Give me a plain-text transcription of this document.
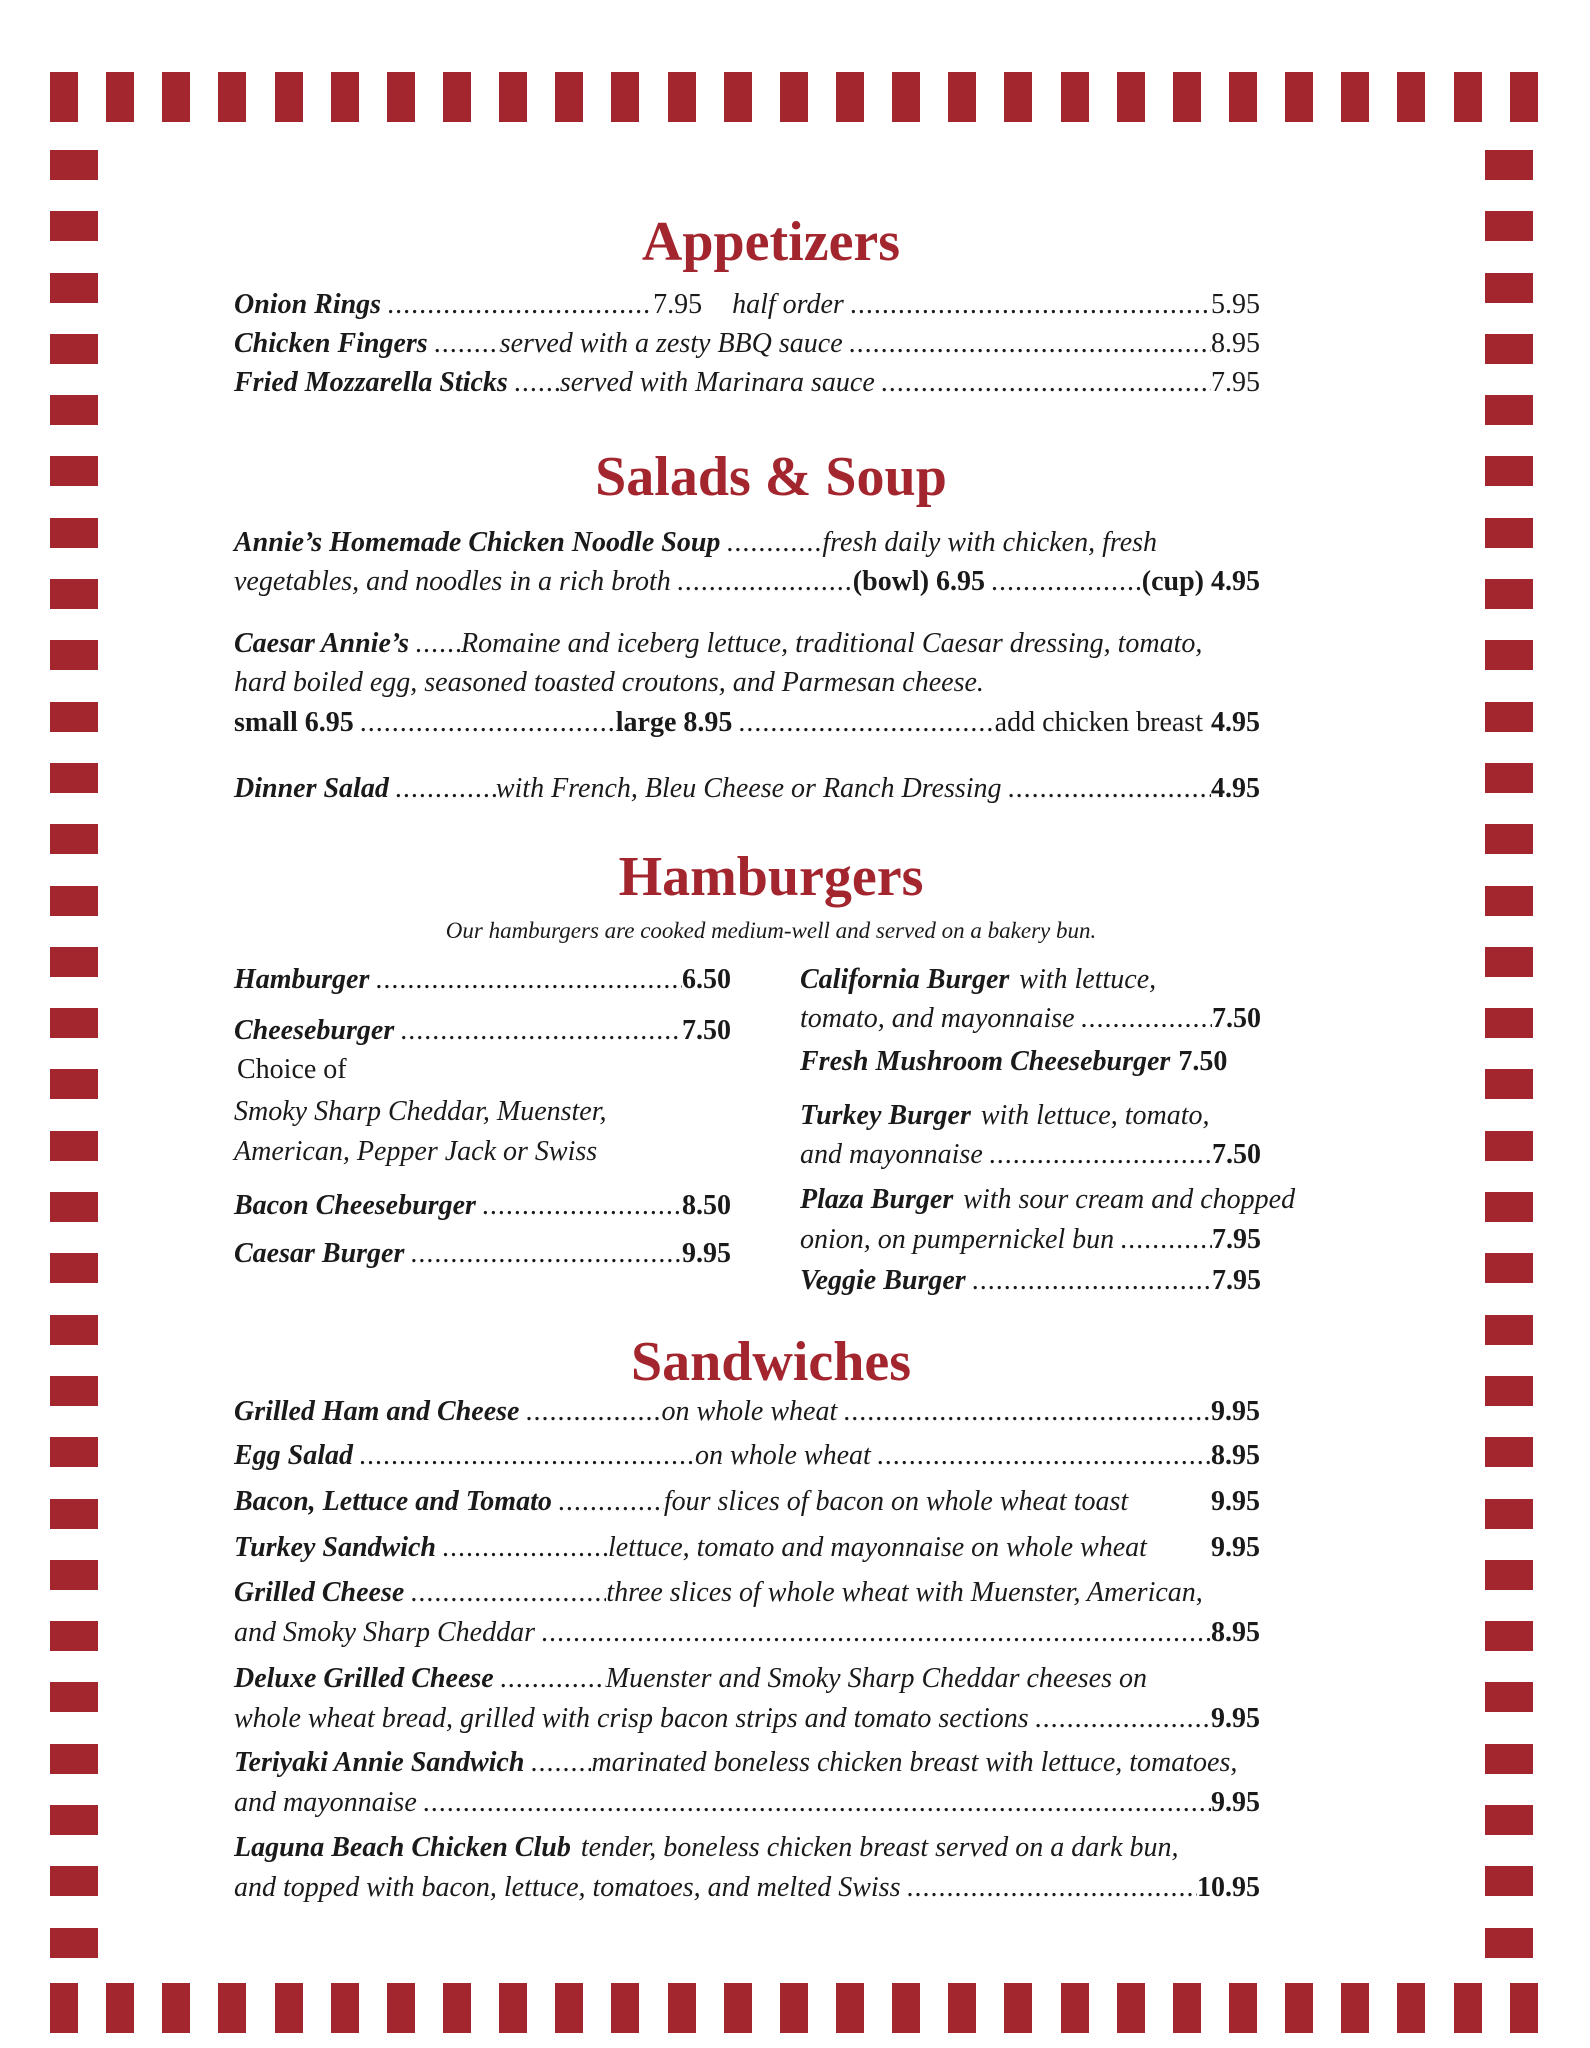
Appetizers
Onion Rings .....	7.95 half order .....	5.95
Chicken Fingers .....	served with a zesty BBQ sauce .....	8.95
Fried Mozzarella Sticks ..... served with Marinara sauce .....	7.95
Salads & Soup
Annie’s Homemade Chicken Noodle Soup .....	fresh daily with chicken, fresh
vegetables, and noodles in a rich broth .....	(bowl) 6.95 .....	(cup) 4.95
Caesar Annie’s ..... Romaine and iceberg lettuce, traditional Caesar dressing, tomato,
hard boiled egg, seasoned toasted croutons, and Parmesan cheese.
small 6.95 .....	large 8.95 .....	add chicken breast 4.95
Dinner Salad .....	with French, Bleu Cheese or Ranch Dressing .....	4.95
Hamburgers
Our hamburgers are cooked medium-well and served on a bakery bun.
Hamburger .....	6.50
Cheeseburger .....	7.50
Choice of
Smoky Sharp Cheddar, Muenster,
American, Pepper Jack or Swiss
Bacon Cheeseburger .....	8.50
Caesar Burger .....	9.95
California Burger with lettuce,
tomato, and mayonnaise .....	7.50
Fresh Mushroom Cheeseburger 7.50
Turkey Burger with lettuce, tomato,
and mayonnaise .....	7.50
Plaza Burger with sour cream and chopped
onion, on pumpernickel bun .....	7.95
Veggie Burger .....	7.95
Sandwiches
Grilled Ham and Cheese .....	on whole wheat .....	9.95
Egg Salad .....	on whole wheat .....	8.95
Bacon, Lettuce and Tomato .....	four slices of bacon on whole wheat toast	9.95
Turkey Sandwich .....	lettuce, tomato and mayonnaise on whole wheat 9.95
Grilled Cheese .....	three slices of whole wheat with Muenster, American,
and Smoky Sharp Cheddar .....	8.95
Deluxe Grilled Cheese .....	Muenster and Smoky Sharp Cheddar cheeses on
whole wheat bread, grilled with crisp bacon strips and tomato sections .....	9.95
Teriyaki Annie Sandwich ..... marinated boneless chicken breast with lettuce, tomatoes,
and mayonnaise .....	9.95
Laguna Beach Chicken Club tender, boneless chicken breast served on a dark bun,
and topped with bacon, lettuce, tomatoes, and melted Swiss .....	10.95
